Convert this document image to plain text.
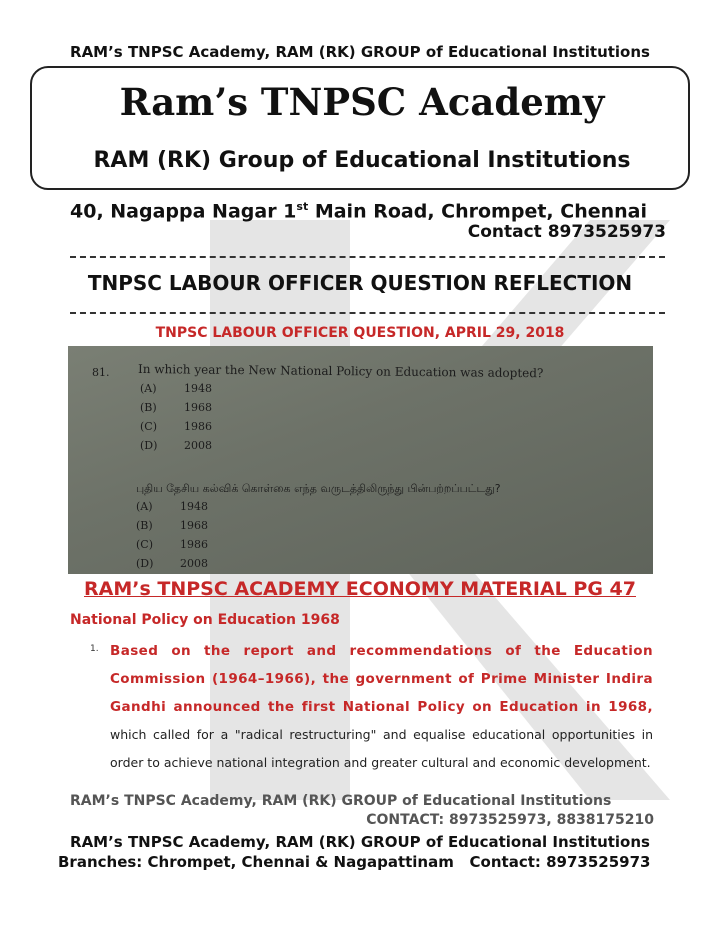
RAM’s TNPSC Academy, RAM (RK) GROUP of Educational Institutions
Ram’s TNPSC Academy
RAM (RK) Group of Educational Institutions
40, Nagappa Nagar 1st Main Road, Chrompet, Chennai
Contact 8973525973
TNPSC LABOUR OFFICER QUESTION REFLECTION
TNPSC LABOUR OFFICER QUESTION, APRIL 29, 2018
81. In which year the New National Policy on Education was adopted?
(A) 1948
(B) 1968
(C) 1986
(D) 2008
புதிய தேசிய கல்விக் கொள்கை எந்த வருடத்திலிருந்து பின்பற்றப்பட்டது?
(A) 1948
(B) 1968
(C) 1986
(D) 2008
RAM’s TNPSC ACADEMY ECONOMY MATERIAL PG 47
National Policy on Education 1968
1. Based on the report and recommendations of the Education Commission (1964–1966), the government of Prime Minister Indira Gandhi announced the first National Policy on Education in 1968, which called for a "radical restructuring" and equalise educational opportunities in order to achieve national integration and greater cultural and economic development.
RAM’s TNPSC Academy, RAM (RK) GROUP of Educational Institutions
CONTACT: 8973525973, 8838175210
RAM’s TNPSC Academy, RAM (RK) GROUP of Educational Institutions
Branches: Chrompet, Chennai & Nagapattinam Contact: 8973525973
